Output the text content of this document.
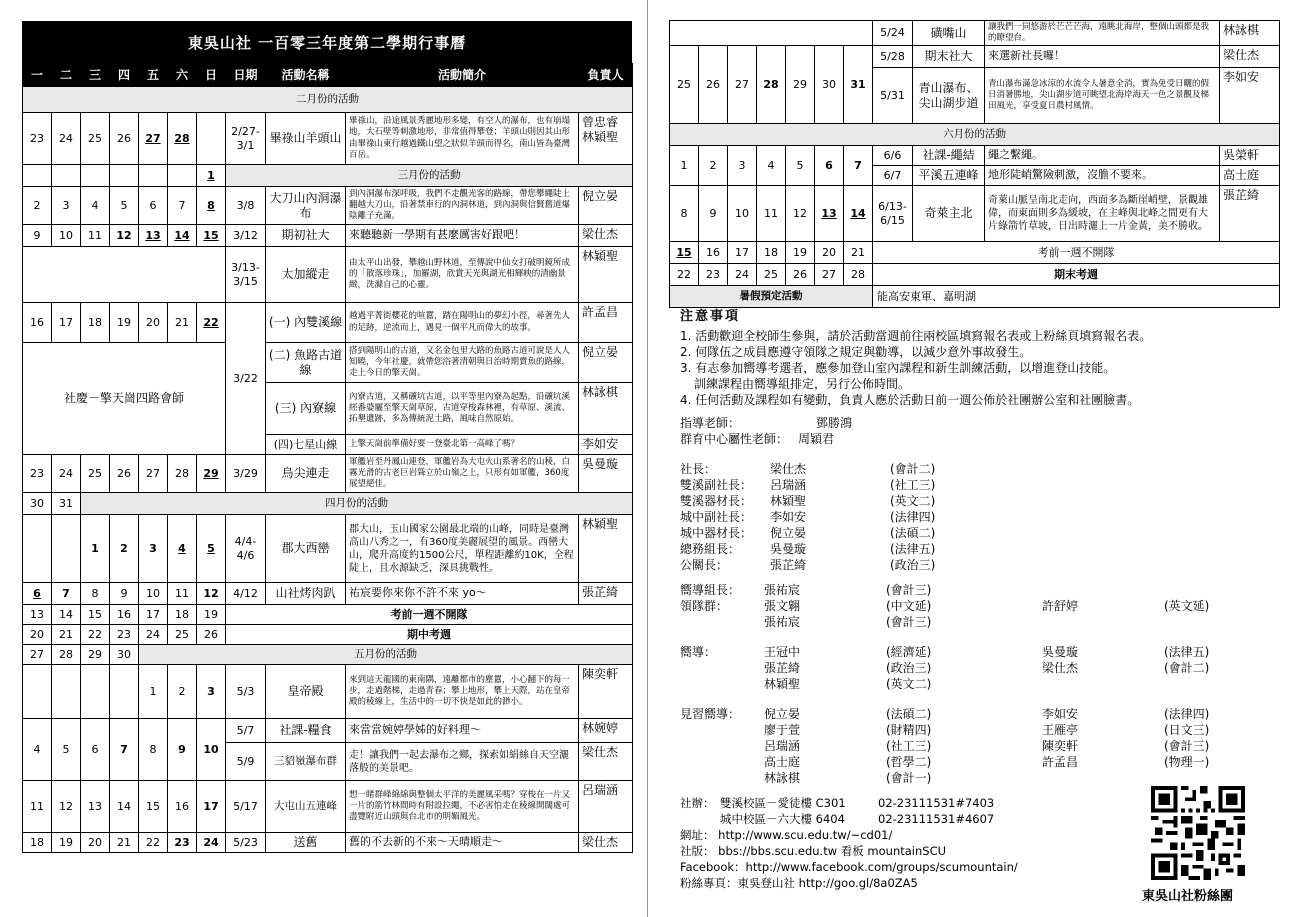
東吳山社 一百零三年度第二學期行事曆
一	二	三	四	五	六	日	日期	活動名稱	活動簡介	負責人
二月份的活動										
23	24	25	26	27	28		2/27-3/1	畢祿山羊頭山	畢祿山，沿途風景秀麗地形多變，有空人的瀑布，也有崩塌地，大石壁等刺激地形，非常值得攀登；羊頭山則因其山形由畢祿山東行越過鐵山望之狀似羊頭而得名，南山皆為臺灣百岳。	曾忠睿 林穎聖
						1	三月份的活動			
2	3	4	5	6	7	8	3/8	大刀山內洞瀑布	到內洞瀑布深呼吸，我們不走觀光客的路線，帶您攀繩陡上翻越大刀山，沿著禁車行的內洞林道，到內洞與信賢舊道爆陰離子充滿。	倪立晏
9	10	11	12	13	14	15	3/12	期初社大	來聽聽新一學期有甚麼厲害好跟吧！	梁仕杰
							3/13-3/15	太加縱走	由太平山出發，攀越山野林道，至傳說中仙女打破明鏡所成的「散落珍珠」，加羅湖，欣賞天光與湖光相輝映的清幽景緻，洗滌自己的心靈。	林穎聖
16	17	18	19	20	21	22	3/22	(一) 內雙溪線	越過平菁街櫻花的喧囂，踏在陽明山的夢幻小徑，尋著先人的足跡，逆流而上，遇見一個平凡而偉大的故事。	許孟昌
社慶－擎天崗四路會師								(二) 魚路古道線	搭到陽明山的古道，又名金包里大路的魚路古道可說是人人知曉，今年社慶，就帶您浴著清朝與日治時期賣魚的路線，走上今日的擎天崗。	倪立晏
								(三) 內寮線	內寮古道，又稱礦坑古道，以平等里內寮為起點，沿礦坑溪經番婆屬至擎天崗草原，古道穿梭森林裡，有草原、溪流、拓墾遺跡，多為傳統泥土路，風味自然原始。	林詠棋
								(四)七星山線	上擎天崗前準備好要一登臺北第一高峰了嗎？	李如安
23	24	25	26	27	28	29	3/29	烏尖連走	軍艦岩至丹鳳山連登，軍艦岩為大屯火山系著名的山稜，白霧光滑的古老巨岩聳立於山嶺之上，只形有如軍艦，360度展望絕佳。	吳曼璇
30	31	四月份的活動								
		1	2	3	4	5	4/4-4/6	郡大西巒	郡大山，玉山國家公園最北端的山峰，同時是臺灣高山八秀之一，有360度美麗展望的風景。西巒大山，爬升高度約1500公尺，單程距離約10K，全程陡上，且水源缺乏，深具挑戰性。	林穎聖
6	7	8	9	10	11	12	4/12	山社烤肉趴	祐宸要你來你不許不來 yo～	張芷綺
13	14	15	16	17	18	19	考前一週不開隊			
20	21	22	23	24	25	26	期中考週			
27	28	29	30	五月份的活動						
				1	2	3	5/3	皇帝殿	來到這天龍國的東南隅，遠離都市的塵囂，小心翻下的每一步，走過階梯，走過青春；攀上地形，攀上天際，站在皇帝殿的稜線上，生活中的一切不快是如此的渺小。	陳奕軒
4	5	6	7	8	9	10	5/7	社課-糧食	來當當婉婷學姊的好料理～	林婉婷
							5/9	三貂嶺瀑布群	走！讓我們一起去瀑布之鄉，探索如絹絲自天空灑落般的美景吧。	梁仕杰
11	12	13	14	15	16	17	5/17	大屯山五連峰	想一睹群峰綿綿與整個太平洋的美麗風采嗎？穿梭在一片又一片的箭竹林間時有附設拉繩，不必害怕走在稜線開闊處可盡覽附近山頭與台北市的明媚風光。	呂瑞涵
18	19	20	21	22	23	24	5/23	送舊	舊的不去新的不來～天晴順走～	梁仕杰
							5/24	磺嘴山	讓我們一同悠游於芒芒芒海，遠眺北海岸，整個山頭都是我的瞭望台。	林詠棋
25	26	27	28	29	30	31	5/28	期末社大	來選新社長囉！	梁仕杰
							5/31	青山瀑布、尖山湖步道	青山瀑布滿急冰涼的水流令人暑意全消，實為免受日曬的假日消暑勝地，尖山湖步道可眺望北海岸海天一色之景觀及梯田風光，享受夏日農村風情。	李如安
六月份的活動										
1	2	3	4	5	6	7	6/6	社課-繩結	繩之繫繩。	吳榮軒
							6/7	平溪五連峰	地形陡峭驚險刺激，沒膽不要來。	高士庭
8	9	10	11	12	13	14	6/13-6/15	奇萊主北	奇萊山脈呈南北走向，西面多為斷崖峭壁，景觀雄偉，而東面則多為緩坡，在主峰與北峰之間更有大片綠箭竹草坡，日出時灑上一片金黃，美不勝收。	張芷綺
15	16	17	18	19	20	21	考前一週不開隊			
22	23	24	25	26	27	28	期末考週			
暑假預定活動							能高安東軍、嘉明湖			
注意事項
1. 活動歡迎全校師生參與，請於活動當週前往兩校區填寫報名表或上粉絲頁填寫報名表。
2. 何隊伍之成員應遵守領隊之規定與勸導，以減少意外事故發生。
3. 有志參加嚮導考選者，應參加登山室內課程和新生訓練活動，以增進登山技能。
訓練課程由嚮導組排定，另行公佈時間。
4. 任何活動及課程如有變動，負責人應於活動日前一週公佈於社團辦公室和社團臉書。
指導老師：	鄧勝鴻
群育中心屬性老師： 周穎君
社長：	梁仕杰	(會計二)
雙溪副社長： 呂瑞涵	(社工三)
雙溪器材長： 林穎聖	(英文二)
城中副社長： 李如安	(法律四)
城中器材長： 倪立晏	(法碩二)
總務組長： 吳曼璇	(法律五)
公關長：	張芷綺	(政治三)
嚮導組長： 張祐宸	(會計三)
領隊群：	張文翱	(中文延)	許舒婷	(英文延)
張祐宸	(會計三)
嚮導：	王冠中	(經濟延)	吳曼璇	(法律五)
張芷綺	(政治三)	梁仕杰	(會計二)
林穎聖	(英文二)
見習嚮導： 倪立晏	(法碩二)	李如安	(法律四)
廖于萱	(財精四)	王雁亭	(日文三)
呂瑞涵	(社工三)	陳奕軒	(會計三)
高士庭	(哲學二)	許孟昌	(物理一)
林詠棋	(會計一)
社辦： 雙溪校區－愛徒樓 C301	02-23111531#7403
城中校區－六大樓 6404	02-23111531#4607
網址： http://www.scu.edu.tw/~cd01/
社版： bbs://bbs.scu.edu.tw 看板 mountainSCU
Facebook：http://www.facebook.com/groups/scumountain/
粉絲專頁：東吳登山社 http://goo.gl/8a0ZA5
東吳山社粉絲團
